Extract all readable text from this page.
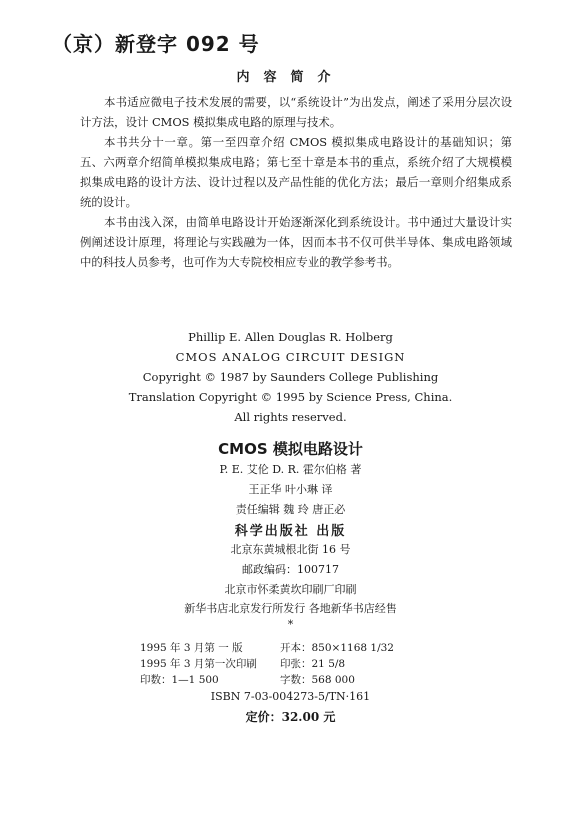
（京）新登字 092 号
内容简介

本书适应微电子技术发展的需要，以“系统设计”为出发点，阐述了采用分层次设计方法，设计 CMOS 模拟集成电路的原理与技术。

本书共分十一章。第一至四章介绍 CMOS 模拟集成电路设计的基础知识；第五、六两章介绍简单模拟集成电路；第七至十章是本书的重点，系统介绍了大规模模拟集成电路的设计方法、设计过程以及产品性能的优化方法；最后一章则介绍集成系统的设计。

本书由浅入深，由简单电路设计开始逐渐深化到系统设计。书中通过大量设计实例阐述设计原理，将理论与实践融为一体，因而本书不仅可供半导体、集成电路领域中的科技人员参考，也可作为大专院校相应专业的教学参考书。

Phillip E. Allen Douglas R. Holberg
CMOS ANALOG CIRCUIT DESIGN
Copyright © 1987 by Saunders College Publishing
Translation Copyright © 1995 by Science Press, China.
All rights reserved.
CMOS 模拟电路设计
P. E. 艾伦 D. R. 霍尔伯格 著
王正华 叶小琳 译
责任编辑 魏 玲 唐正必
科学出版社 出版
北京东黄城根北街 16 号
邮政编码：100717
北京市怀柔黄坎印刷厂印刷
新华书店北京发行所发行 各地新华书店经售
*
1995 年 3 月第 一 版	开本：850×1168 1/32
1995 年 3 月第一次印刷 印张：21 5/8
印数：1—1 500	字数：568 000
ISBN 7-03-004273-5/TN·161
定价：32.00 元
